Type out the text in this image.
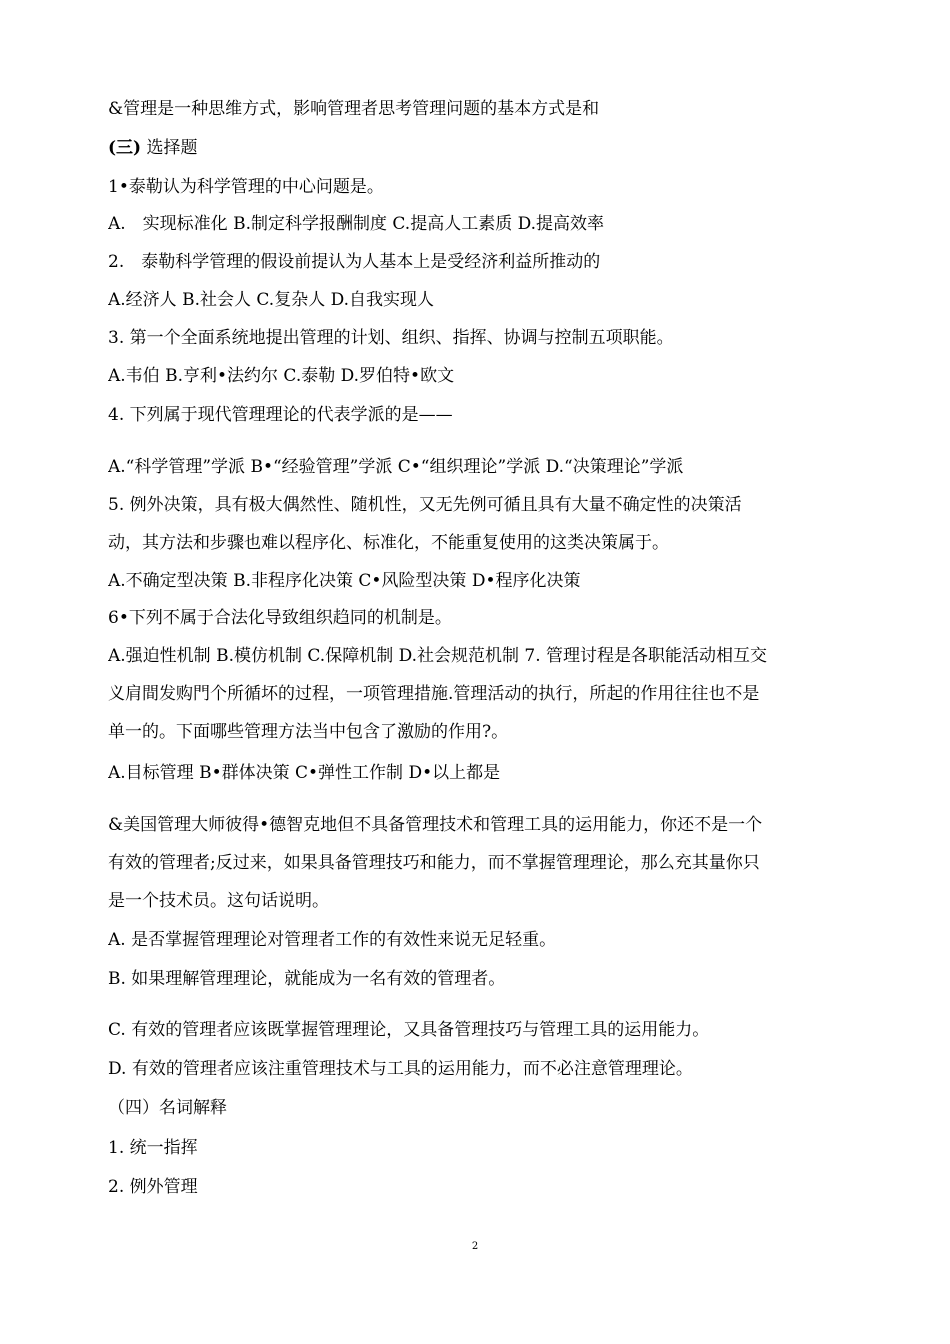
&管理是一种思维方式，影响管理者思考管理问题的基本方式是和
(三) 选择题
1•泰勒认为科学管理的中心问题是。
A.　实现标准化 B.制定科学报酬制度 C.提高人工素质 D.提高效率
2.　泰勒科学管理的假设前提认为人基本上是受经济利益所推动的
A.经济人 B.社会人 C.复杂人 D.自我实现人
3. 第一个全面系统地提出管理的计划、组织、指挥、协调与控制五项职能。
A.韦伯 B.亨利•法约尔 C.泰勒 D.罗伯特•欧文
4. 下列属于现代管理理论的代表学派的是——
A.“科学管理”学派 B•“经验管理”学派 C•“组织理论”学派 D.“决策理论”学派
5. 例外决策，具有极大偶然性、随机性，又无先例可循且具有大量不确定性的决策活
动，其方法和步骤也难以程序化、标准化，不能重复使用的这类决策属于。
A.不确定型决策 B.非程序化决策 C•风险型决策 D•程序化决策
6•下列不属于合法化导致组织趋同的机制是。
A.强迫性机制 B.模仿机制 C.保障机制 D.社会规范机制 7. 管理讨程是各职能活动相互交
义肩間发购門个所循坏的过程，一项管理措施.管理活动的执行，所起的作用往往也不是
单一的。下面哪些管理方法当中包含了激励的作用?。
A.目标管理 B•群体决策 C•弹性工作制 D•以上都是
&美国管理大师彼得•德智克地但不具备管理技术和管理工具的运用能力，你还不是一个
有效的管理者;反过来，如果具备管理技巧和能力，而不掌握管理理论，那么充其量你只
是一个技术员。这句话说明。
A. 是否掌握管理理论对管理者工作的有效性来说无足轻重。
B. 如果理解管理理论，就能成为一名有效的管理者。
C. 有效的管理者应该既掌握管理理论，又具备管理技巧与管理工具的运用能力。
D. 有效的管理者应该注重管理技术与工具的运用能力，而不必注意管理理论。
（四）名词解释
1. 统一指挥
2. 例外管理
2
